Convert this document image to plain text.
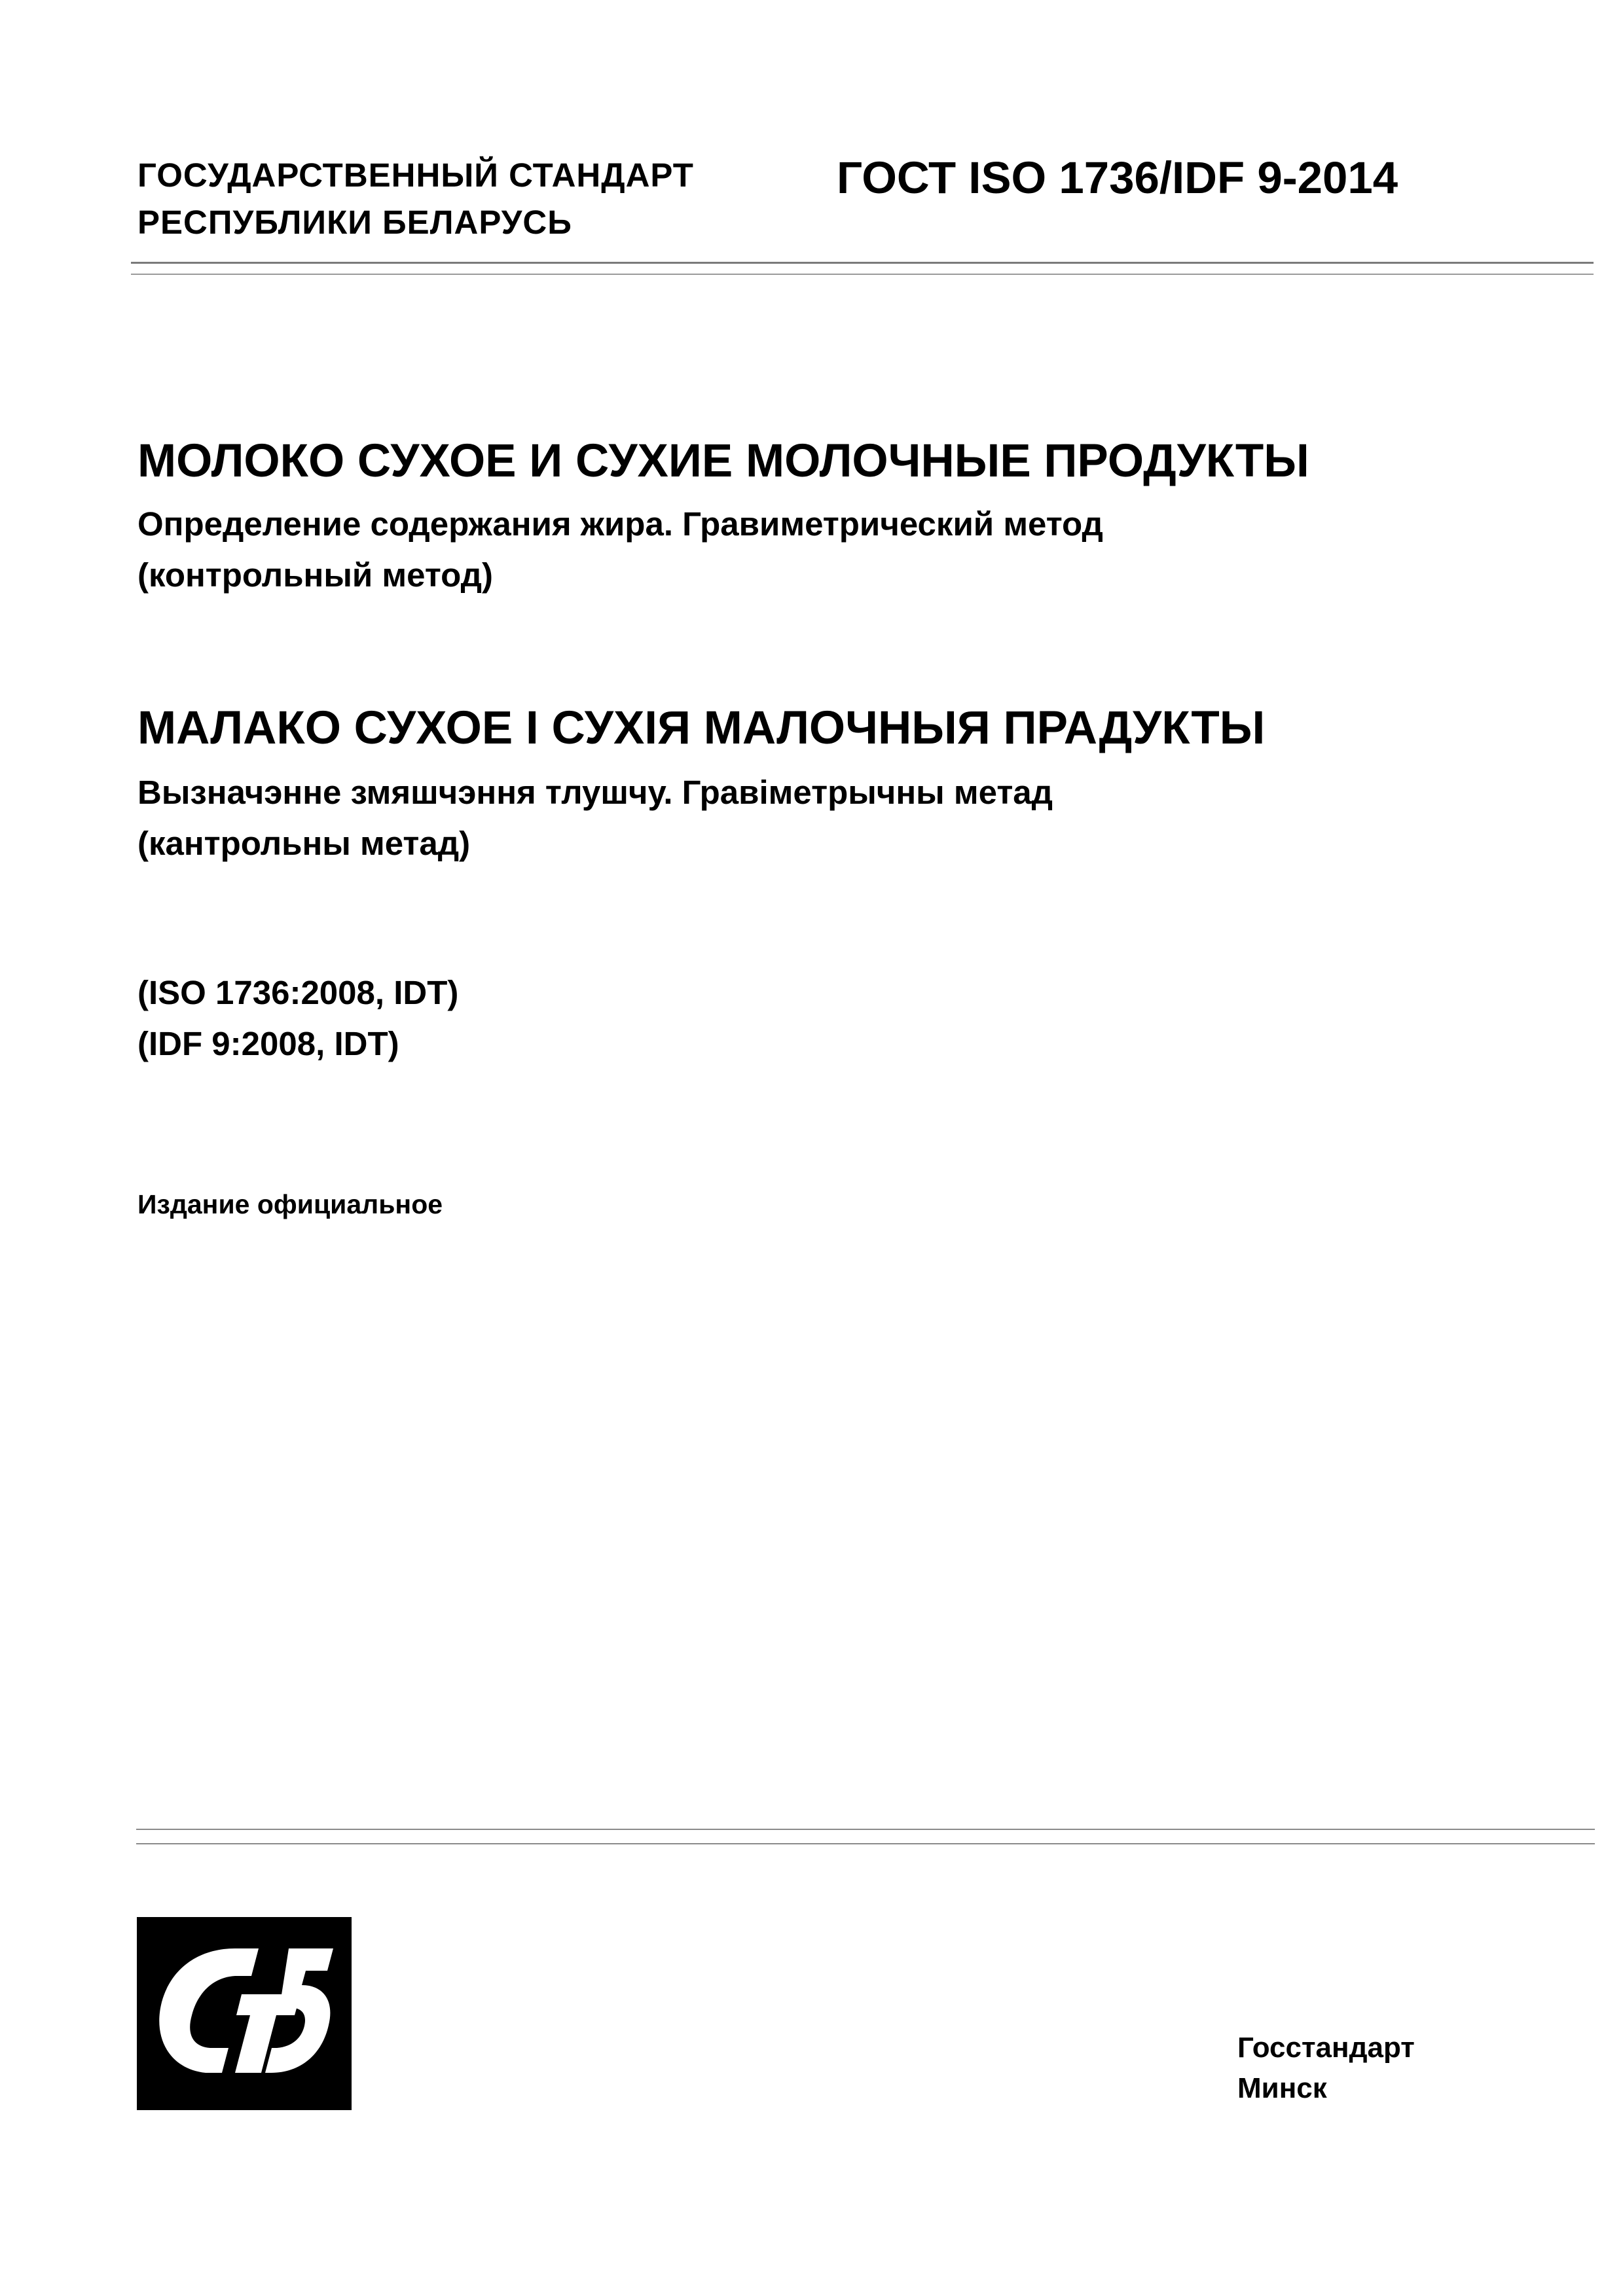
ГОСУДАРСТВЕННЫЙ СТАНДАРТ
РЕСПУБЛИКИ БЕЛАРУСЬ
ГОСТ ISO 1736/IDF 9-2014
МОЛОКО СУХОЕ И СУХИЕ МОЛОЧНЫЕ ПРОДУКТЫ
Определение содержания жира. Гравиметрический метод
(контрольный метод)
МАЛАКО СУХОЕ І СУХІЯ МАЛОЧНЫЯ ПРАДУКТЫ
Вызначэнне змяшчэння тлушчу. Гравіметрычны метад
(кантрольны метад)
(ISO 1736:2008, IDT)
(IDF 9:2008, IDT)
Издание официальное
Госстандарт
Минск
